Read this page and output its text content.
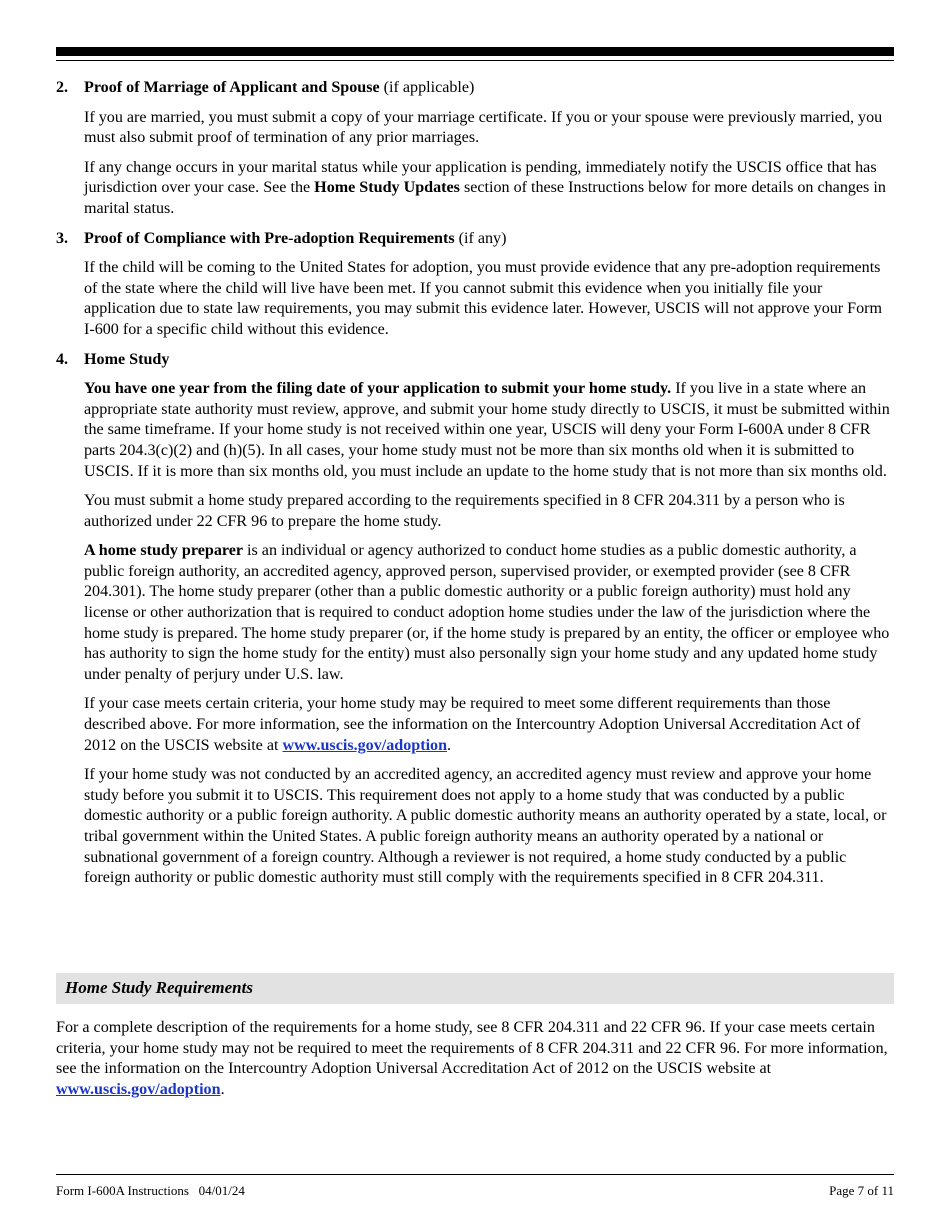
2. Proof of Marriage of Applicant and Spouse (if applicable)

If you are married, you must submit a copy of your marriage certificate. If you or your spouse were previously married, you must also submit proof of termination of any prior marriages.

If any change occurs in your marital status while your application is pending, immediately notify the USCIS office that has jurisdiction over your case. See the Home Study Updates section of these Instructions below for more details on changes in marital status.

3. Proof of Compliance with Pre-adoption Requirements (if any)

If the child will be coming to the United States for adoption, you must provide evidence that any pre-adoption requirements of the state where the child will live have been met. If you cannot submit this evidence when you initially file your application due to state law requirements, you may submit this evidence later. However, USCIS will not approve your Form I-600 for a specific child without this evidence.

4. Home Study

You have one year from the filing date of your application to submit your home study. If you live in a state where an appropriate state authority must review, approve, and submit your home study directly to USCIS, it must be submitted within the same timeframe. If your home study is not received within one year, USCIS will deny your Form I-600A under 8 CFR parts 204.3(c)(2) and (h)(5). In all cases, your home study must not be more than six months old when it is submitted to USCIS. If it is more than six months old, you must include an update to the home study that is not more than six months old.

You must submit a home study prepared according to the requirements specified in 8 CFR 204.311 by a person who is authorized under 22 CFR 96 to prepare the home study.

A home study preparer is an individual or agency authorized to conduct home studies as a public domestic authority, a public foreign authority, an accredited agency, approved person, supervised provider, or exempted provider (see 8 CFR 204.301). The home study preparer (other than a public domestic authority or a public foreign authority) must hold any license or other authorization that is required to conduct adoption home studies under the law of the jurisdiction where the home study is prepared. The home study preparer (or, if the home study is prepared by an entity, the officer or employee who has authority to sign the home study for the entity) must also personally sign your home study and any updated home study under penalty of perjury under U.S. law.

If your case meets certain criteria, your home study may be required to meet some different requirements than those described above. For more information, see the information on the Intercountry Adoption Universal Accreditation Act of 2012 on the USCIS website at www.uscis.gov/adoption.

If your home study was not conducted by an accredited agency, an accredited agency must review and approve your home study before you submit it to USCIS. This requirement does not apply to a home study that was conducted by a public domestic authority or a public foreign authority. A public domestic authority means an authority operated by a state, local, or tribal government within the United States. A public foreign authority means an authority operated by a national or subnational government of a foreign country. Although a reviewer is not required, a home study conducted by a public foreign authority or public domestic authority must still comply with the requirements specified in 8 CFR 204.311.

Home Study Requirements

For a complete description of the requirements for a home study, see 8 CFR 204.311 and 22 CFR 96. If your case meets certain criteria, your home study may not be required to meet the requirements of 8 CFR 204.311 and 22 CFR 96. For more information, see the information on the Intercountry Adoption Universal Accreditation Act of 2012 on the USCIS website at www.uscis.gov/adoption.

Form I-600A Instructions   04/01/24	Page 7 of 11
